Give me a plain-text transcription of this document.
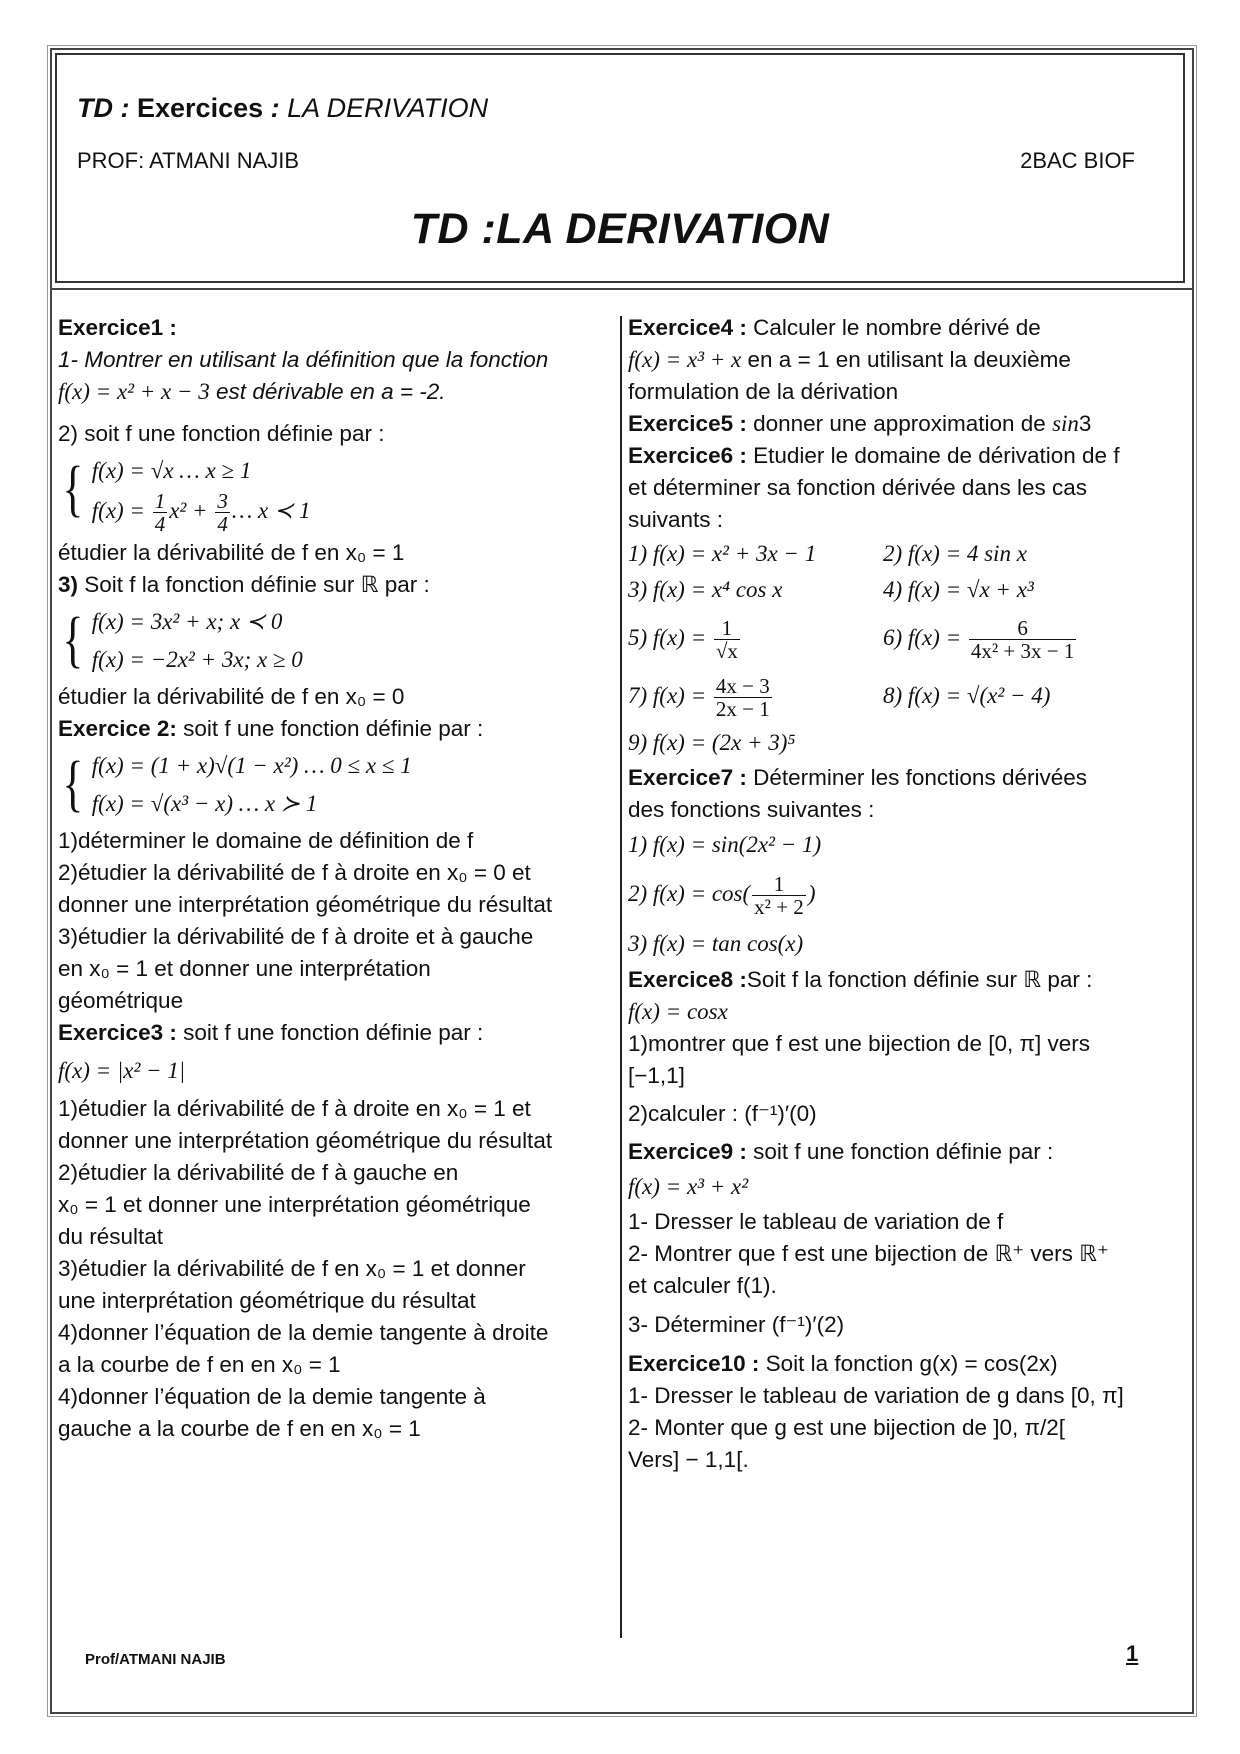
TD : Exercices : LA DERIVATION
PROF: ATMANI NAJIB	2BAC BIOF
TD :LA DERIVATION

Exercice1 :

1- Montrer en utilisant la définition que la fonction

f(x) = x² + x − 3 est dérivable en a = -2.

2) soit f une fonction définie par :

{ f(x) = √x … x ≥ 1

$f(x) = \frac{1}{4} x^2 + \frac{3}{4}$ … x ≺ 1

étudier la dérivabilité de f en x₀ = 1

3) Soit f la fonction définie sur ℝ par :

{ f(x) = 3x² + x; x ≺ 0

f(x) = −2x² + 3x; x ≥ 0

étudier la dérivabilité de f en x₀ = 0

Exercice 2: soit f une fonction définie par :

{ f(x) = (1 + x)√(1 − x²) … 0 ≤ x ≤ 1

f(x) = √(x³ − x) … x ≻ 1

1)déterminer le domaine de définition de f

2)étudier la dérivabilité de f à droite en x₀ = 0 et

donner une interprétation géométrique du résultat

3)étudier la dérivabilité de f à droite et à gauche

en x₀ = 1 et donner une interprétation

géométrique

Exercice3 : soit f une fonction définie par :

f(x) = |x² − 1|

1)étudier la dérivabilité de f à droite en x₀ = 1 et

donner une interprétation géométrique du résultat

2)étudier la dérivabilité de f à gauche en

x₀ = 1 et donner une interprétation géométrique

du résultat

3)étudier la dérivabilité de f en x₀ = 1 et donner

une interprétation géométrique du résultat

4)donner l’équation de la demie tangente à droite

a la courbe de f en en x₀ = 1

4)donner l’équation de la demie tangente à

gauche a la courbe de f en en x₀ = 1

Exercice4 : Calculer le nombre dérivé de

f(x) = x³ + x en a = 1 en utilisant la deuxième

formulation de la dérivation

Exercice5 : donner une approximation de sin3

Exercice6 : Etudier le domaine de dérivation de f

et déterminer sa fonction dérivée dans les cas

suivants :

1) f(x) = x² + 3x − 1	2) f(x) = 4 sin x

3) f(x) = x⁴ cos x	4) f(x) = √x + x³

5) $f(x) = \frac{1}{√x}$	6) $f(x) = \frac{6}{\text{4x² + 3x − 1}}$

7) $f(x) = \frac{4x - 3}{2x - 1}$	8) f(x) = √(x² − 4)

9) f(x) = (2x + 3)⁵

Exercice7 : Déterminer les fonctions dérivées

des fonctions suivantes :

1) f(x) = sin(2x² − 1)

2) $f(x) = \cos( \frac{1}{\text{x² + 2}}$ )

3) f(x) = tan cos(x)

Exercice8 :Soit f la fonction définie sur ℝ par :

f(x) = cosx

1)montrer que f est une bijection de [0, π] vers

[−1,1]

2)calculer : (f⁻¹)′(0)

Exercice9 : soit f une fonction définie par :

f(x) = x³ + x²

1- Dresser le tableau de variation de f

2- Montrer que f est une bijection de ℝ⁺ vers ℝ⁺

et calculer f(1).

3- Déterminer (f⁻¹)′(2)

Exercice10 : Soit la fonction g(x) = cos(2x)

1- Dresser le tableau de variation de g dans [0, π]

2- Monter que g est une bijection de ]0, π/2[

Vers] − 1,1[.

Prof/ATMANI NAJIB	1
